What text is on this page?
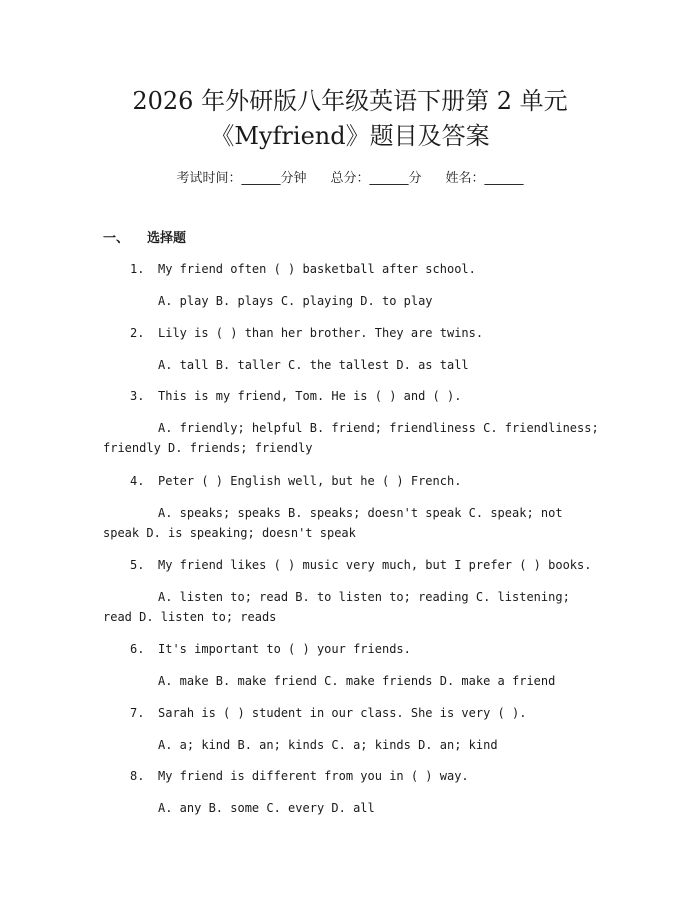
2026 年外研版八年级英语下册第 2 单元
《Myfriend》题目及答案
考试时间：______分钟 总分：______分 姓名：______
一、 选择题
1. My friend often ( ) basketball after school.
A. play B. plays C. playing D. to play
2. Lily is ( ) than her brother. They are twins.
A. tall B. taller C. the tallest D. as tall
3. This is my friend, Tom. He is ( ) and ( ).
A. friendly; helpful B. friend; friendliness C. friendliness; friendly D. friends; friendly
4. Peter ( ) English well, but he ( ) French.
A. speaks; speaks B. speaks; doesn't speak C. speak; not speak D. is speaking; doesn't speak
5. My friend likes ( ) music very much, but I prefer ( ) books.
A. listen to; read B. to listen to; reading C. listening; read D. listen to; reads
6. It's important to ( ) your friends.
A. make B. make friend C. make friends D. make a friend
7. Sarah is ( ) student in our class. She is very ( ).
A. a; kind B. an; kinds C. a; kinds D. an; kind
8. My friend is different from you in ( ) way.
A. any B. some C. every D. all
